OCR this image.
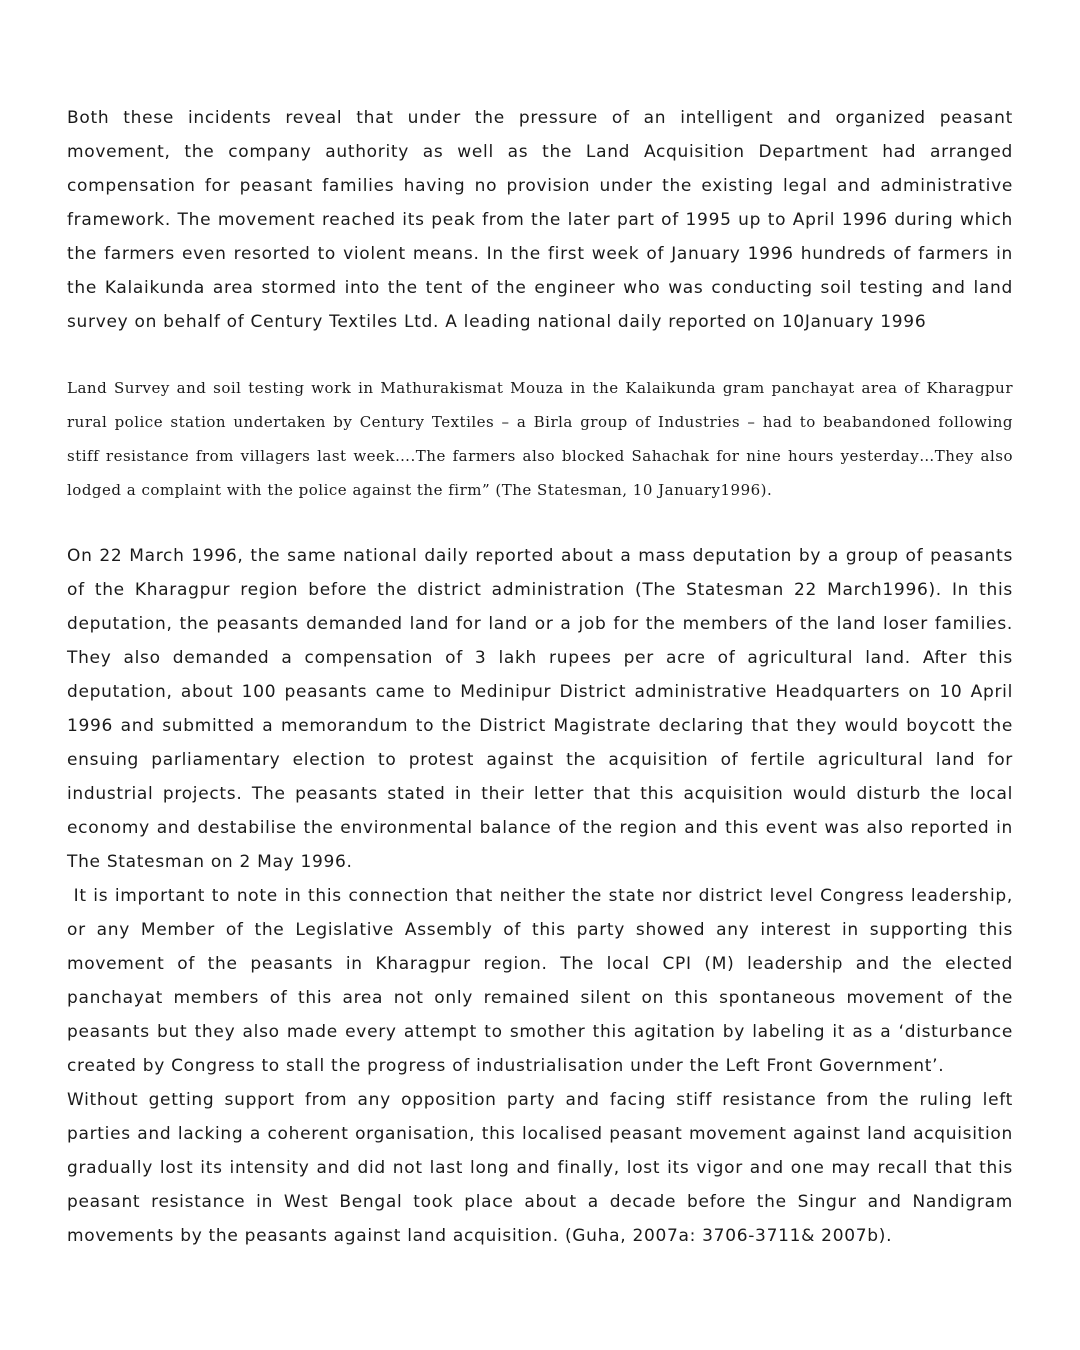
Both these incidents reveal that under the pressure of an intelligent and organized peasant movement, the company authority as well as the Land Acquisition Department had arranged compensation for peasant families having no provision under the existing legal and administrative framework. The movement reached its peak from the later part of 1995 up to April 1996 during which the farmers even resorted to violent means. In the first week of January 1996 hundreds of farmers in the Kalaikunda area stormed into the tent of the engineer who was conducting soil testing and land survey on behalf of Century Textiles Ltd. A leading national daily reported on 10January 1996

Land Survey and soil testing work in Mathurakismat Mouza in the Kalaikunda gram panchayat area of Kharagpur rural police station undertaken by Century Textiles – a Birla group of Industries – had to beabandoned following stiff resistance from villagers last week….The farmers also blocked Sahachak for nine hours yesterday…They also lodged a complaint with the police against the firm” (The Statesman, 10 January1996).

On 22 March 1996, the same national daily reported about a mass deputation by a group of peasants of the Kharagpur region before the district administration (The Statesman 22 March1996). In this deputation, the peasants demanded land for land or a job for the members of the land loser families. They also demanded a compensation of 3 lakh rupees per acre of agricultural land. After this deputation, about 100 peasants came to Medinipur District administrative Headquarters on 10 April 1996 and submitted a memorandum to the District Magistrate declaring that they would boycott the ensuing parliamentary election to protest against the acquisition of fertile agricultural land for industrial projects. The peasants stated in their letter that this acquisition would disturb the local economy and destabilise the environmental balance of the region and this event was also reported in The Statesman on 2 May 1996.

It is important to note in this connection that neither the state nor district level Congress leadership, or any Member of the Legislative Assembly of this party showed any interest in supporting this movement of the peasants in Kharagpur region. The local CPI (M) leadership and the elected panchayat members of this area not only remained silent on this spontaneous movement of the peasants but they also made every attempt to smother this agitation by labeling it as a ‘disturbance created by Congress to stall the progress of industrialisation under the Left Front Government’.

Without getting support from any opposition party and facing stiff resistance from the ruling left parties and lacking a coherent organisation, this localised peasant movement against land acquisition gradually lost its intensity and did not last long and finally, lost its vigor and one may recall that this peasant resistance in West Bengal took place about a decade before the Singur and Nandigram movements by the peasants against land acquisition. (Guha, 2007a: 3706-3711& 2007b).
